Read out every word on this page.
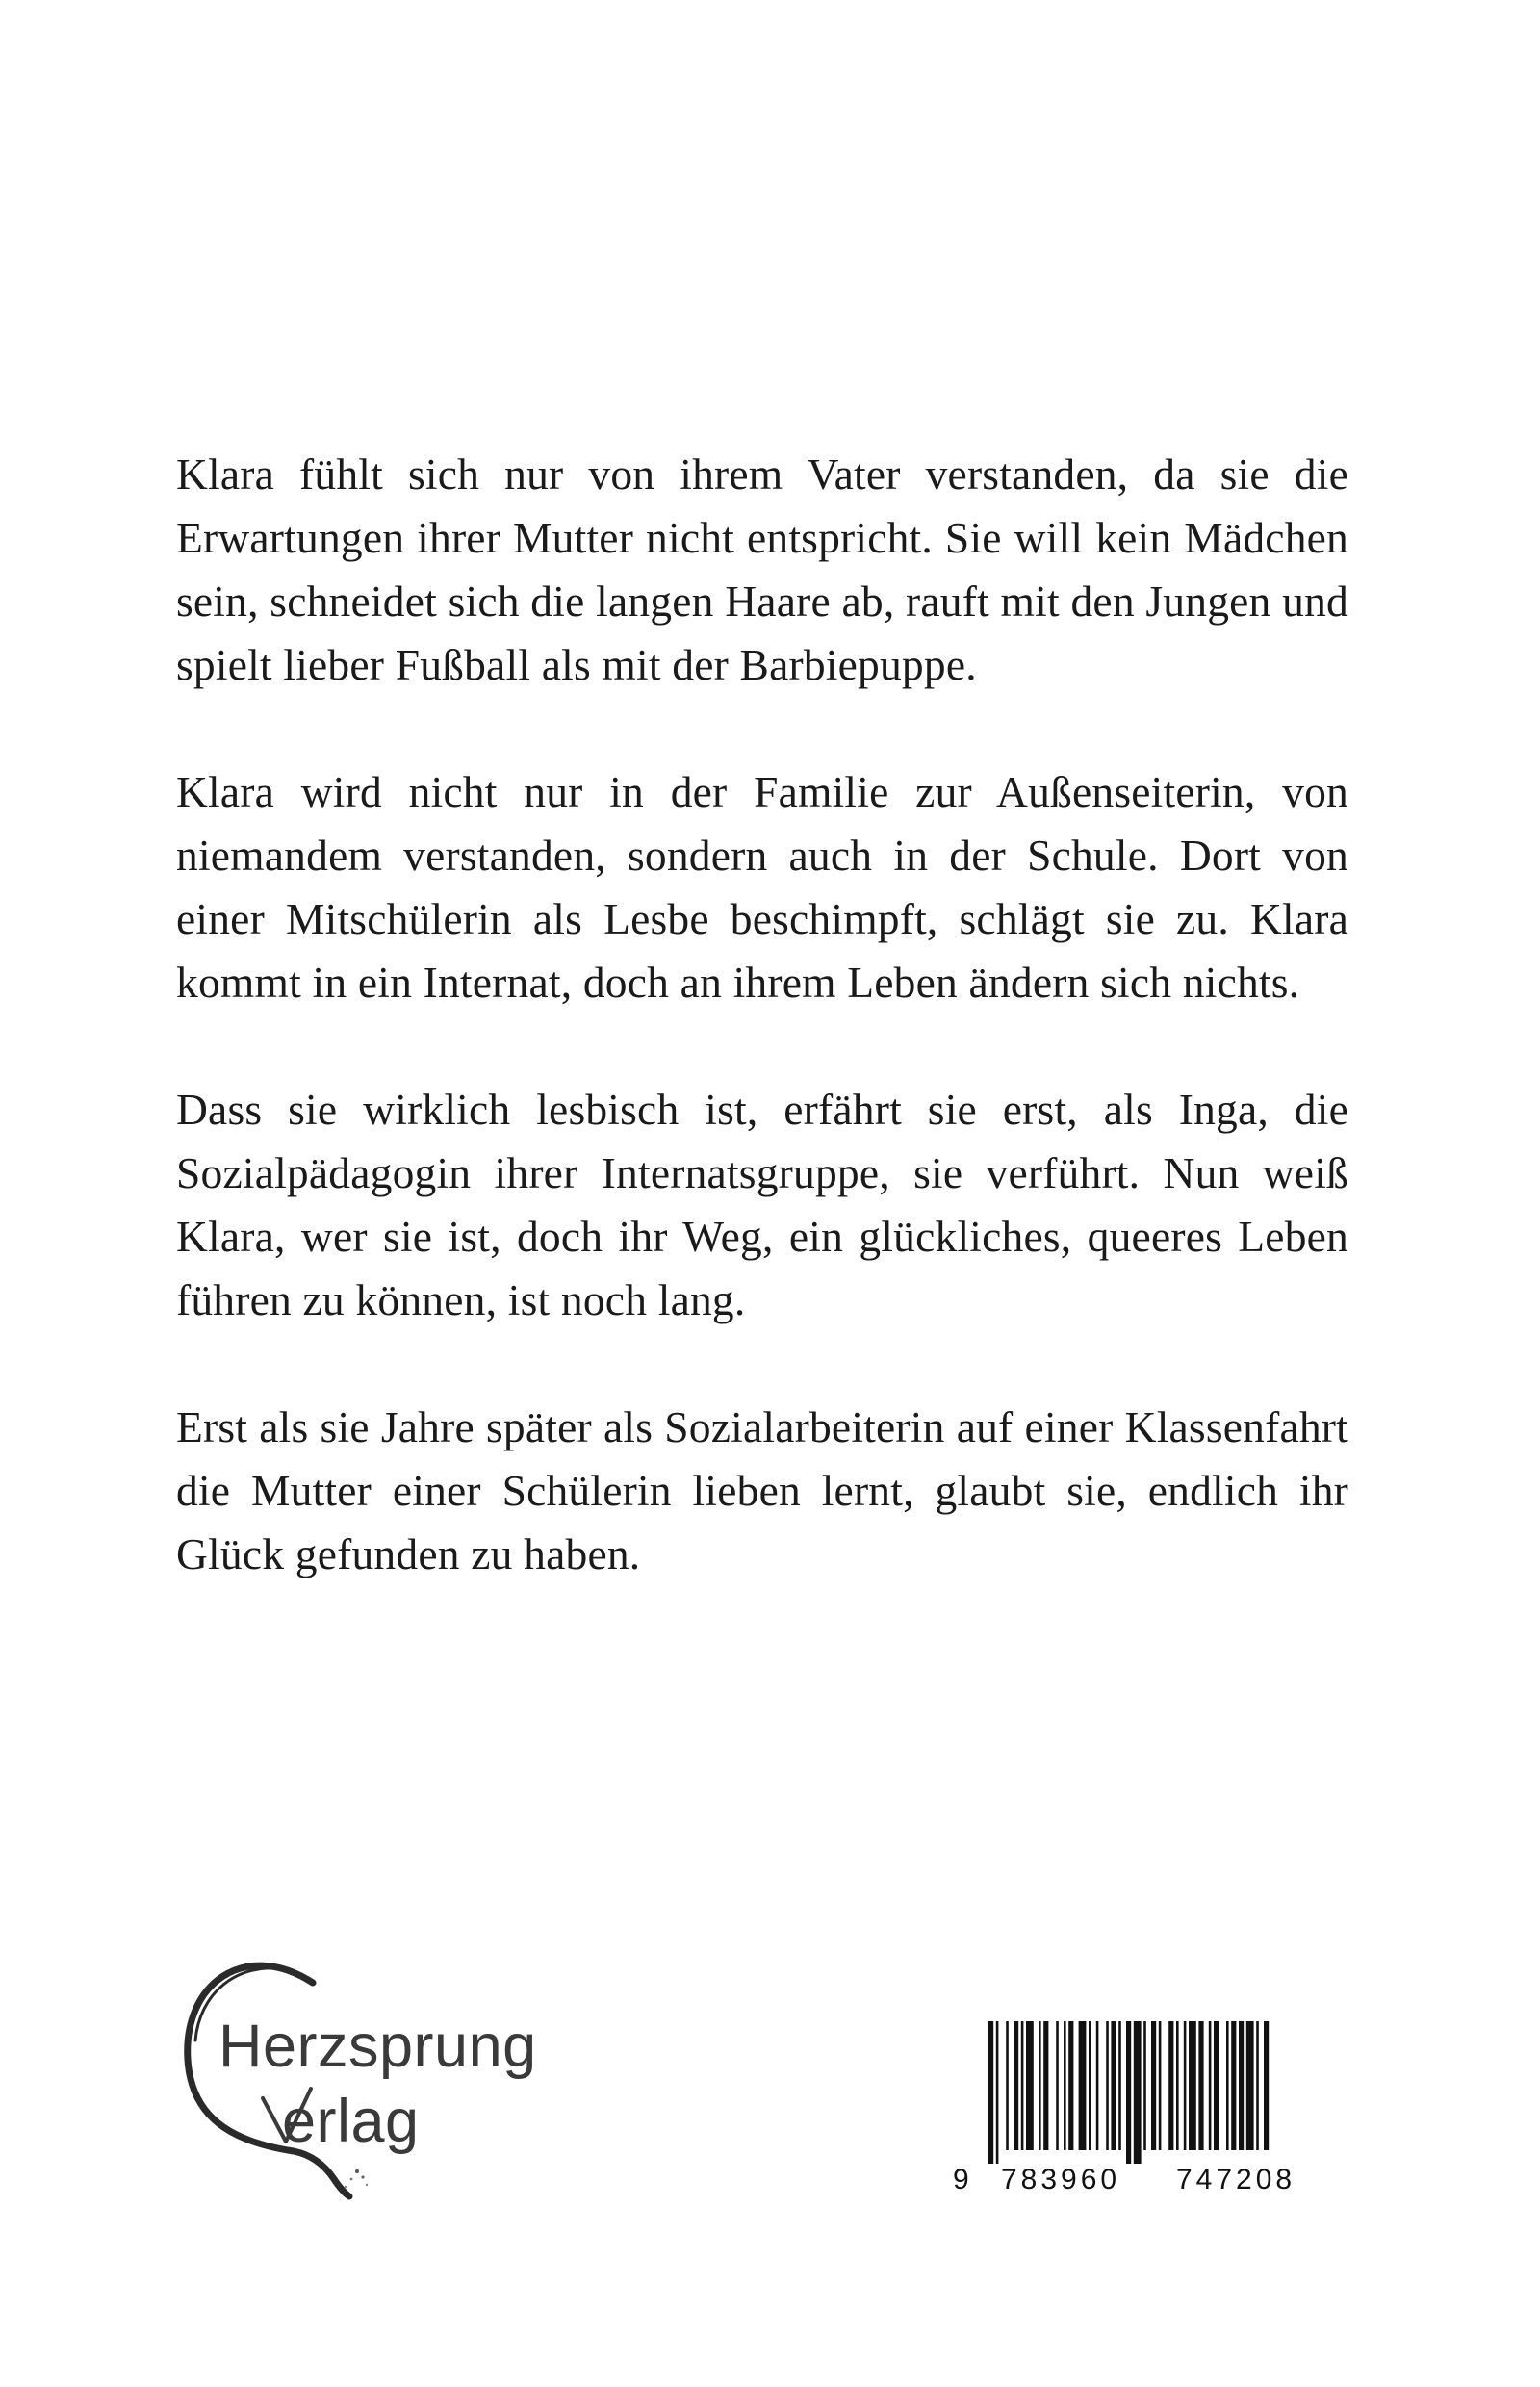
Klara fühlt sich nur von ihrem Vater verstanden, da sie die Erwartungen ihrer Mutter nicht entspricht. Sie will kein Mädchen sein, schneidet sich die langen Haare ab, rauft mit den Jungen und spielt lieber Fußball als mit der Barbiepuppe.

Klara wird nicht nur in der Familie zur Außenseiterin, von niemandem verstanden, sondern auch in der Schule. Dort von einer Mitschülerin als Lesbe beschimpft, schlägt sie zu. Klara kommt in ein Internat, doch an ihrem Leben ändern sich nichts.

Dass sie wirklich lesbisch ist, erfährt sie erst, als Inga, die Sozialpädagogin ihrer Internatsgruppe, sie verführt. Nun weiß Klara, wer sie ist, doch ihr Weg, ein glückliches, queeres Leben führen zu können, ist noch lang.

Erst als sie Jahre später als Sozialarbeiterin auf einer Klassenfahrt die Mutter einer Schülerin lieben lernt, glaubt sie, endlich ihr Glück gefunden zu haben.

Herzsprung
erlag
9 783960 747208
